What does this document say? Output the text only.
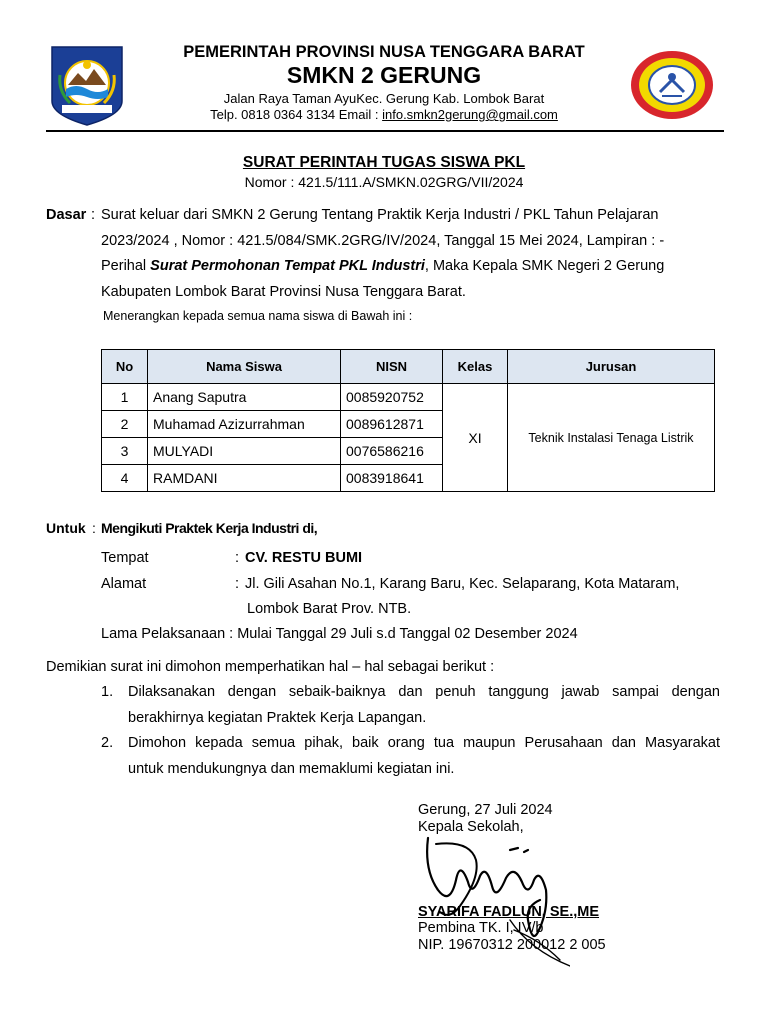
PEMERINTAH PROVINSI NUSA TENGGARA BARAT
SMKN 2 GERUNG
Jalan Raya Taman AyuKec. Gerung Kab. Lombok Barat
Telp. 0818 0364 3134 Email : info.smkn2gerung@gmail.com
SURAT PERINTAH TUGAS SISWA PKL
Nomor : 421.5/111.A/SMKN.02GRG/VII/2024
Dasar : Surat keluar dari SMKN 2 Gerung Tentang Praktik Kerja Industri / PKL Tahun Pelajaran
2023/2024 , Nomor : 421.5/084/SMK.2GRG/IV/2024, Tanggal 15 Mei 2024, Lampiran : -
Perihal Surat Permohonan Tempat PKL Industri, Maka Kepala SMK Negeri 2 Gerung
Kabupaten Lombok Barat Provinsi Nusa Tenggara Barat.
Menerangkan kepada semua nama siswa di Bawah ini :
No	Nama Siswa	NISN	Kelas	Jurusan
1	Anang Saputra	0085920752	XI	Teknik Instalasi Tenaga Listrik
2	Muhamad Azizurrahman	0089612871		
3	MULYADI	0076586216		
4	RAMDANI	0083918641		
Untuk : Mengikuti Praktek Kerja Industri di,
Tempat	: CV. RESTU BUMI
Alamat	: Jl. Gili Asahan No.1, Karang Baru, Kec. Selaparang, Kota Mataram,
Lombok Barat Prov. NTB.
Lama Pelaksanaan : Mulai Tanggal 29 Juli s.d Tanggal 02 Desember 2024
Demikian surat ini dimohon memperhatikan hal – hal sebagai berikut :
1. Dilaksanakan dengan sebaik-baiknya dan penuh tanggung jawab sampai dengan
berakhirnya kegiatan Praktek Kerja Lapangan.
2. Dimohon kepada semua pihak, baik orang tua maupun Perusahaan dan Masyarakat
untuk mendukungnya dan memaklumi kegiatan ini.
Gerung, 27 Juli 2024
Kepala Sekolah,
SYARIFA FADLUN, SE.,ME
Pembina TK. I, IV/b
NIP. 19670312 200012 2 005
